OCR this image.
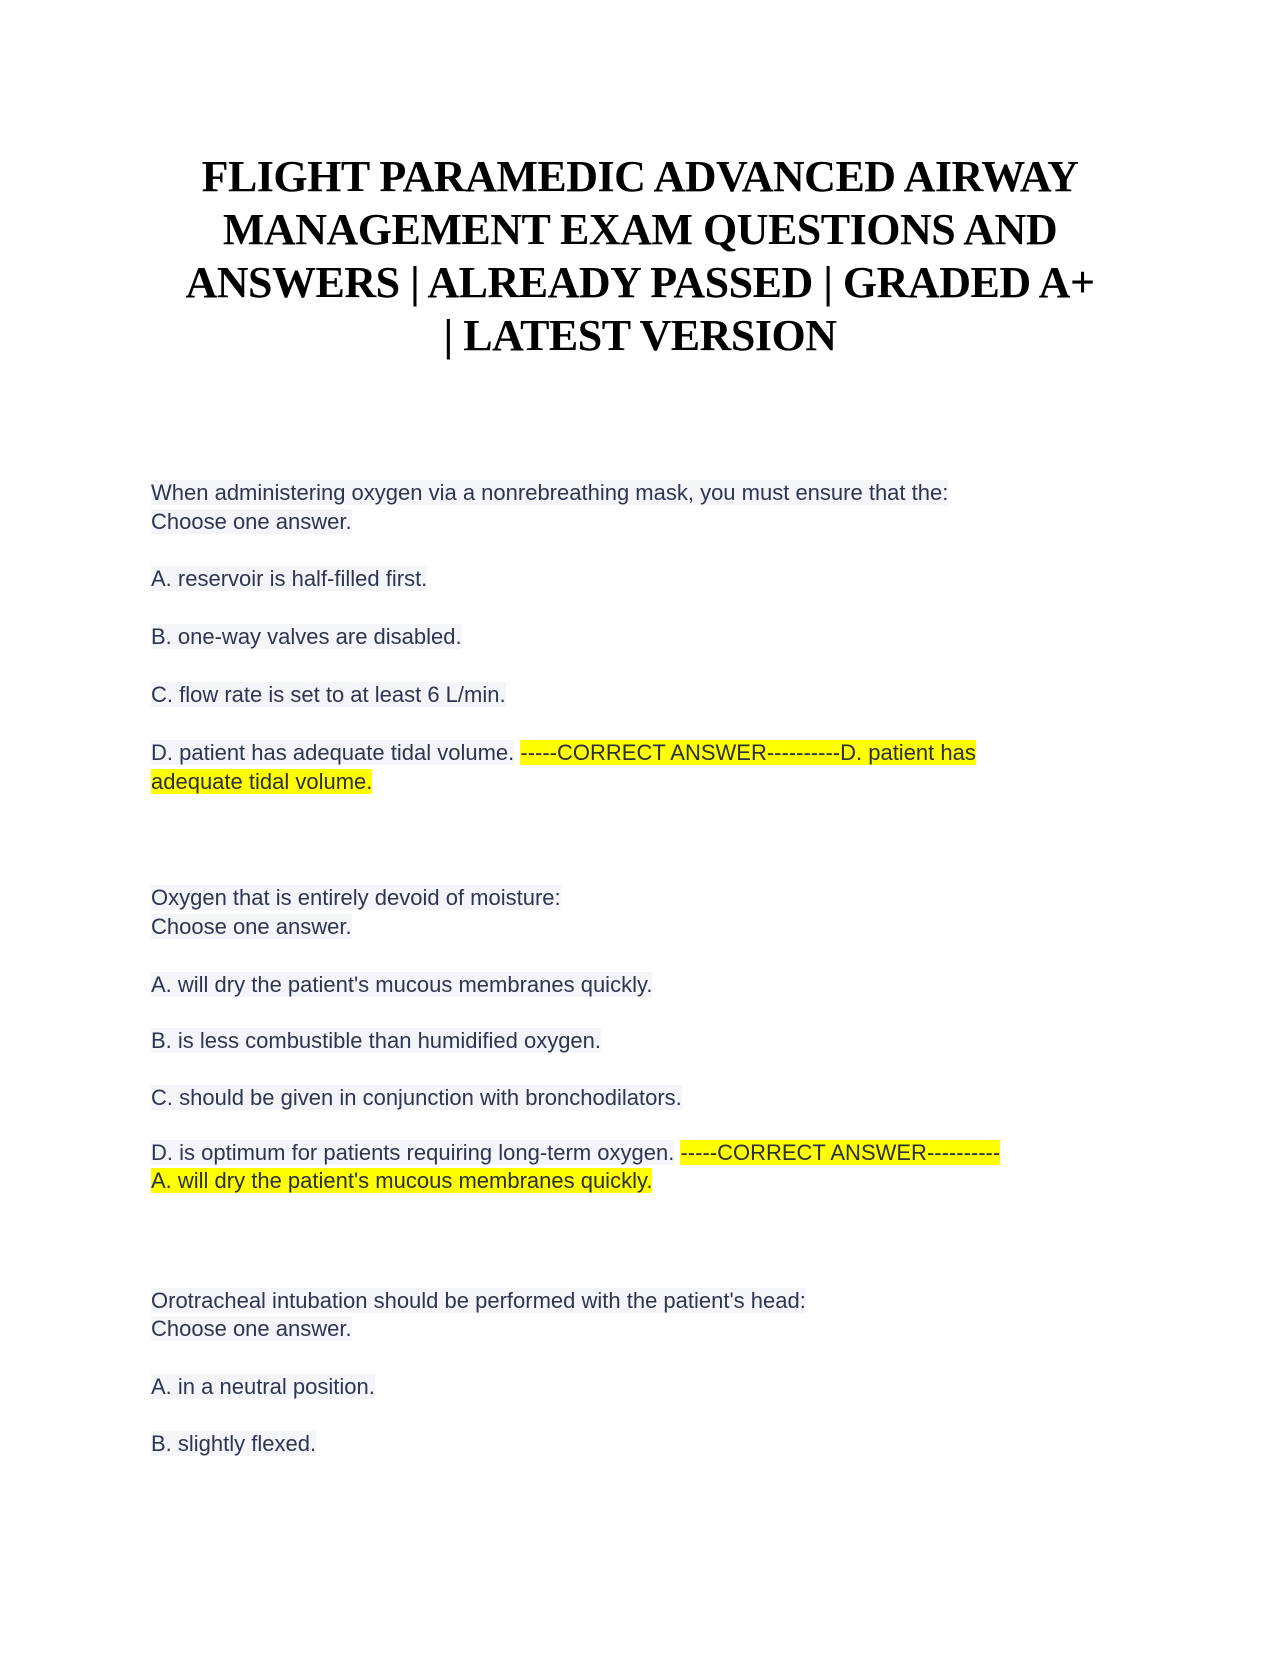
FLIGHT PARAMEDIC ADVANCED AIRWAY
MANAGEMENT EXAM QUESTIONS AND
ANSWERS | ALREADY PASSED | GRADED A+
| LATEST VERSION
When administering oxygen via a nonrebreathing mask, you must ensure that the:
Choose one answer.
A. reservoir is half-filled first.
B. one-way valves are disabled.
C. flow rate is set to at least 6 L/min.
D. patient has adequate tidal volume. -----CORRECT ANSWER----------D. patient has
adequate tidal volume.
Oxygen that is entirely devoid of moisture:
Choose one answer.
A. will dry the patient's mucous membranes quickly.
B. is less combustible than humidified oxygen.
C. should be given in conjunction with bronchodilators.
D. is optimum for patients requiring long-term oxygen. -----CORRECT ANSWER----------
A. will dry the patient's mucous membranes quickly.
Orotracheal intubation should be performed with the patient's head:
Choose one answer.
A. in a neutral position.
B. slightly flexed.
